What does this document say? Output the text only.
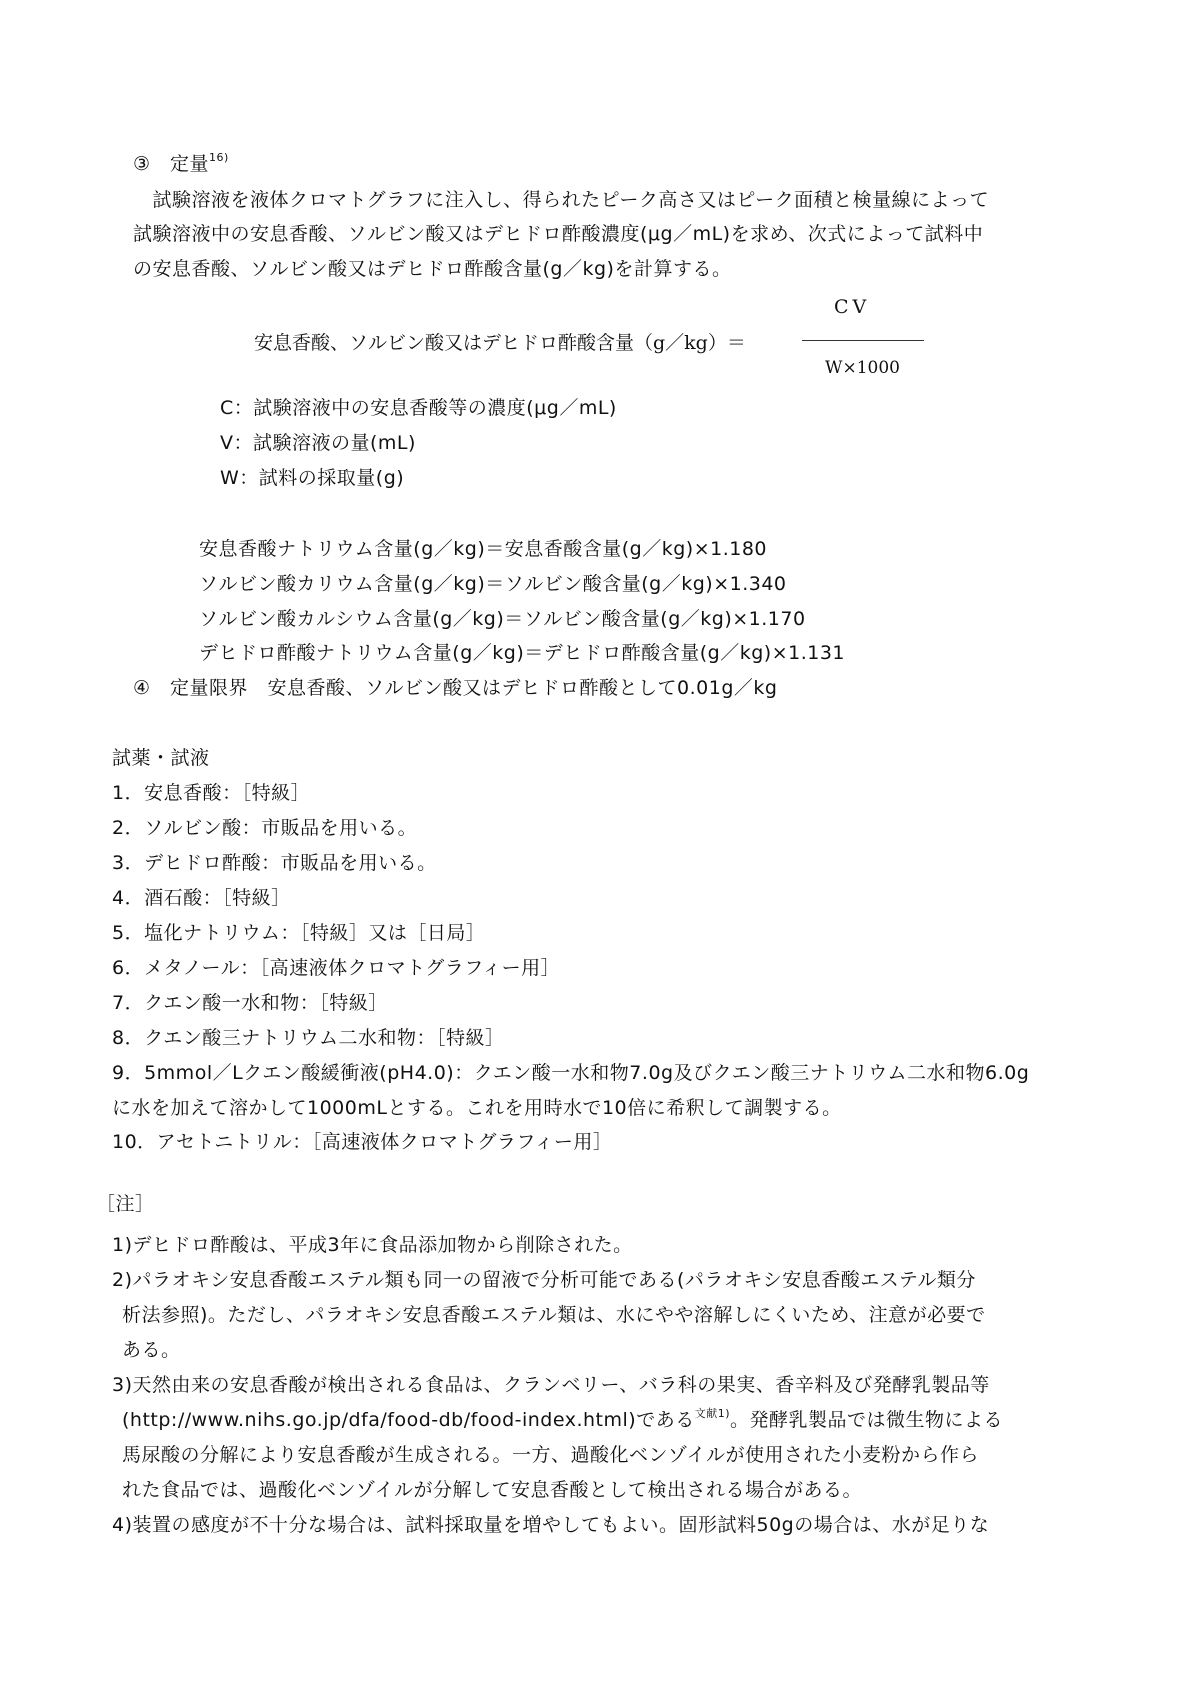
③　定量$^{16)}$
　試験溶液を液体クロマトグラフに注入し、得られたピーク高さ又はピーク面積と検量線によって
試験溶液中の安息香酸、ソルビン酸又はデヒドロ酢酸濃度(μg／mL)を求め、次式によって試料中
の安息香酸、ソルビン酸又はデヒドロ酢酸含量(g／kg)を計算する。
安息香酸、ソルビン酸又はデヒドロ酢酸含量（g／kg）＝
CV
W×1000
C：試験溶液中の安息香酸等の濃度(μg／mL)
V：試験溶液の量(mL)
W：試料の採取量(g)
安息香酸ナトリウム含量(g／kg)＝安息香酸含量(g／kg)×1.180
ソルビン酸カリウム含量(g／kg)＝ソルビン酸含量(g／kg)×1.340
ソルビン酸カルシウム含量(g／kg)＝ソルビン酸含量(g／kg)×1.170
デヒドロ酢酸ナトリウム含量(g／kg)＝デヒドロ酢酸含量(g／kg)×1.131
④　定量限界　安息香酸、ソルビン酸又はデヒドロ酢酸として0.01g／kg
試薬・試液
1．安息香酸：［特級］
2．ソルビン酸：市販品を用いる。
3．デヒドロ酢酸：市販品を用いる。
4．酒石酸：［特級］
5．塩化ナトリウム：［特級］又は［日局］
6．メタノール：［高速液体クロマトグラフィー用］
7．クエン酸一水和物：［特級］
8．クエン酸三ナトリウム二水和物：［特級］
9．5mmol／Lクエン酸緩衝液(pH4.0)：クエン酸一水和物7.0g及びクエン酸三ナトリウム二水和物6.0g
に水を加えて溶かして1000mLとする。これを用時水で10倍に希釈して調製する。
10．アセトニトリル：［高速液体クロマトグラフィー用］
［注］
1)デヒドロ酢酸は、平成3年に食品添加物から削除された。
2)パラオキシ安息香酸エステル類も同一の留液で分析可能である(パラオキシ安息香酸エステル類分
析法参照)。ただし、パラオキシ安息香酸エステル類は、水にやや溶解しにくいため、注意が必要で
ある。
3)天然由来の安息香酸が検出される食品は、クランベリー、バラ科の果実、香辛料及び発酵乳製品等
(http://www.nihs.go.jp/dfa/food-db/food-index.html)である$^{文献1)}$。発酵乳製品では微生物による
馬尿酸の分解により安息香酸が生成される。一方、過酸化ベンゾイルが使用された小麦粉から作ら
れた食品では、過酸化ベンゾイルが分解して安息香酸として検出される場合がある。
4)装置の感度が不十分な場合は、試料採取量を増やしてもよい。固形試料50gの場合は、水が足りな
